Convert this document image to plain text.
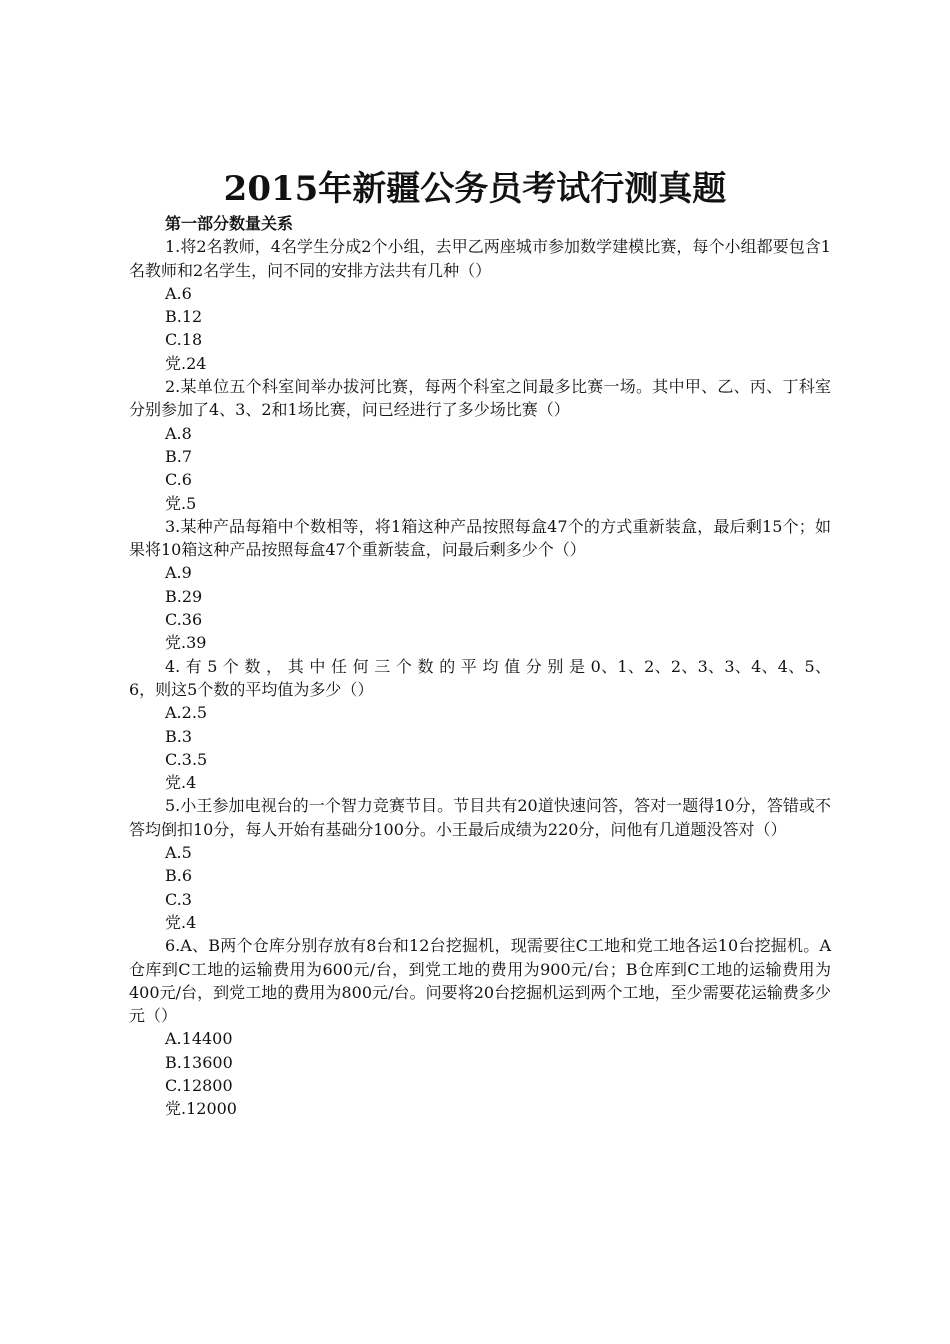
2015年新疆公务员考试行测真题

第一部分数量关系

1.将2名教师，4名学生分成2个小组，去甲乙两座城市参加数学建模比赛，每个小组都要包含1名教师和2名学生，问不同的安排方法共有几种（）

A.6

B.12

C.18

党.24

2.某单位五个科室间举办拔河比赛，每两个科室之间最多比赛一场。其中甲、乙、丙、丁科室分别参加了4、3、2和1场比赛，问已经进行了多少场比赛（）

A.8

B.7

C.6

党.5

3.某种产品每箱中个数相等，将1箱这种产品按照每盒47个的方式重新装盒，最后剩15个；如果将10箱这种产品按照每盒47个重新装盒，问最后剩多少个（）

A.9

B.29

C.36

党.39

4. 有 5 个 数 ， 其 中 任 何 三 个 数 的 平 均 值 分 别 是 0、1、2、2、3、3、4、4、5、6，则这5个数的平均值为多少（）

A.2.5

B.3

C.3.5

党.4

5.小王参加电视台的一个智力竞赛节目。节目共有20道快速问答，答对一题得10分，答错或不答均倒扣10分，每人开始有基础分100分。小王最后成绩为220分，问他有几道题没答对（）

A.5

B.6

C.3

党.4

6.A、B两个仓库分别存放有8台和12台挖掘机，现需要往C工地和党工地各运10台挖掘机。A仓库到C工地的运输费用为600元/台，到党工地的费用为900元/台；B仓库到C工地的运输费用为400元/台，到党工地的费用为800元/台。问要将20台挖掘机运到两个工地，至少需要花运输费多少元（）

A.14400

B.13600

C.12800

党.12000
